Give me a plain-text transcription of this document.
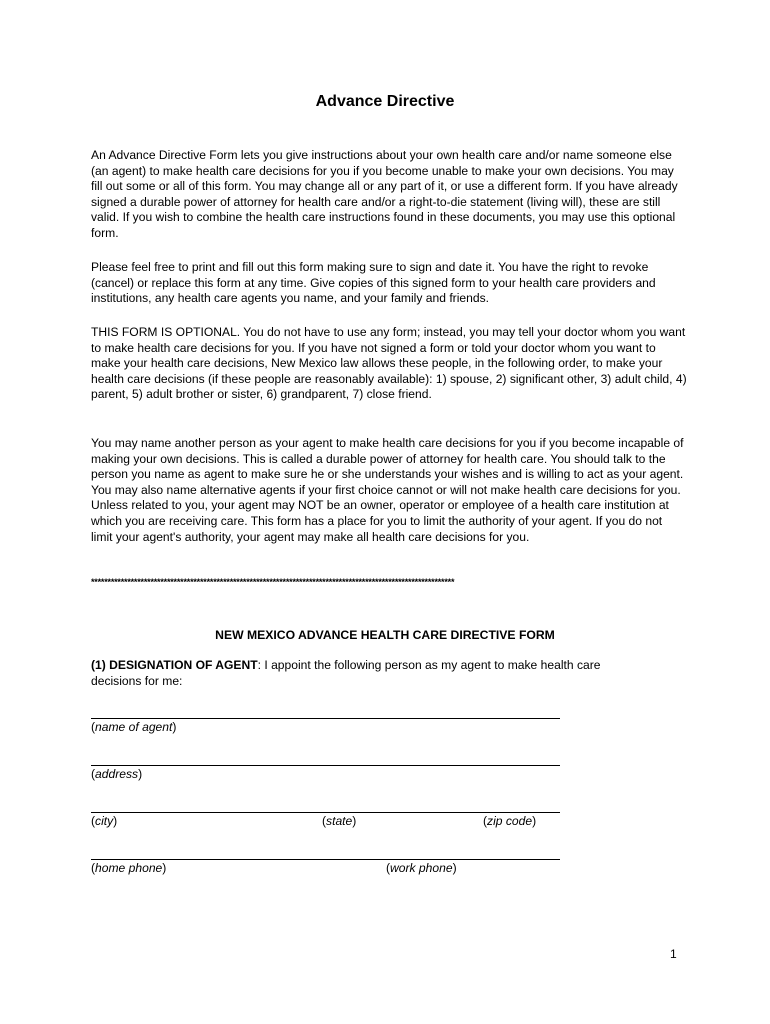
Advance Directive

An Advance Directive Form lets you give instructions about your own health care and/or name someone else (an agent) to make health care decisions for you if you become unable to make your own decisions. You may fill out some or all of this form. You may change all or any part of it, or use a different form. If you have already signed a durable power of attorney for health care and/or a right-to-die statement (living will), these are still valid. If you wish to combine the health care instructions found in these documents, you may use this optional form.

Please feel free to print and fill out this form making sure to sign and date it. You have the right to revoke (cancel) or replace this form at any time. Give copies of this signed form to your health care providers and institutions, any health care agents you name, and your family and friends.

THIS FORM IS OPTIONAL. You do not have to use any form; instead, you may tell your doctor whom you want to make health care decisions for you. If you have not signed a form or told your doctor whom you want to make your health care decisions, New Mexico law allows these people, in the following order, to make your health care decisions (if these people are reasonably available): 1) spouse, 2) significant other, 3) adult child, 4) parent, 5) adult brother or sister, 6) grandparent, 7) close friend.

You may name another person as your agent to make health care decisions for you if you become incapable of making your own decisions. This is called a durable power of attorney for health care. You should talk to the person you name as agent to make sure he or she understands your wishes and is willing to act as your agent. You may also name alternative agents if your first choice cannot or will not make health care decisions for you. Unless related to you, your agent may NOT be an owner, operator or employee of a health care institution at which you are receiving care. This form has a place for you to limit the authority of your agent. If you do not limit your agent's authority, your agent may make all health care decisions for you.

**************************************************************************************************************
NEW MEXICO ADVANCE HEALTH CARE DIRECTIVE FORM

(1) DESIGNATION OF AGENT: I appoint the following person as my agent to make health care decisions for me:

(name of agent)
(address)
(city)	(state)	(zip code)
(home phone)	(work phone)
1
